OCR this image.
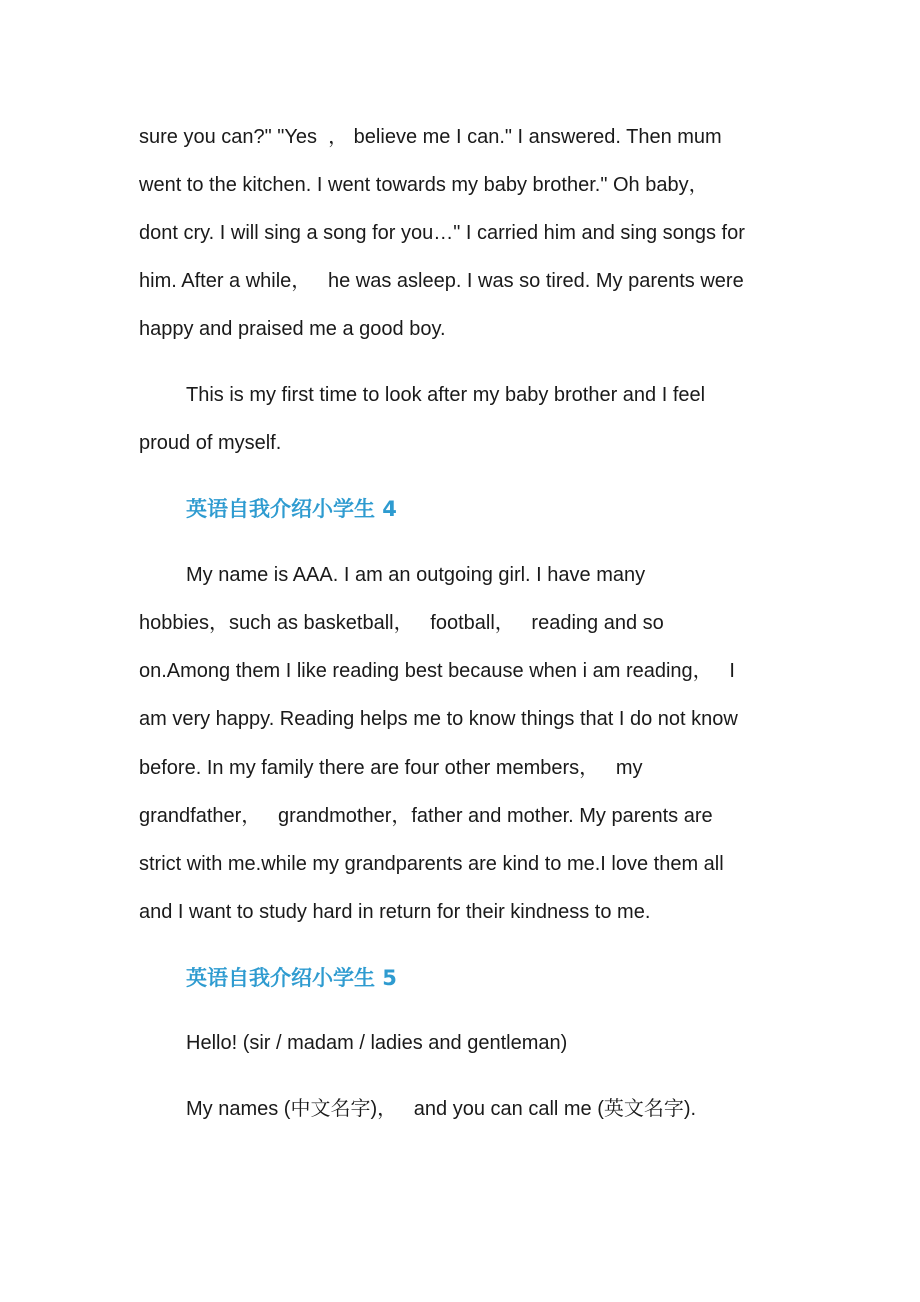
sure you can?" "Yes  ， believe me I can." I answered. Then mum
went to the kitchen. I went towards my baby brother." Oh baby，
dont cry. I will sing a song for you…" I carried him and sing songs for
him. After a while，   he was asleep. I was so tired. My parents were
happy and praised me a good boy.
This is my first time to look after my baby brother and I feel
proud of myself.
英语自我介绍小学生 4
My name is AAA. I am an outgoing girl. I have many
hobbies，such as basketball，   football，   reading and so
on.Among them I like reading best because when i am reading，   I
am very happy. Reading helps me to know things that I do not know
before. In my family there are four other members，   my
grandfather，   grandmother，father and mother. My parents are
strict with me.while my grandparents are kind to me.I love them all
and I want to study hard in return for their kindness to me.
英语自我介绍小学生 5
Hello! (sir / madam / ladies and gentleman)
My names (中文名字)，   and you can call me (英文名字).
